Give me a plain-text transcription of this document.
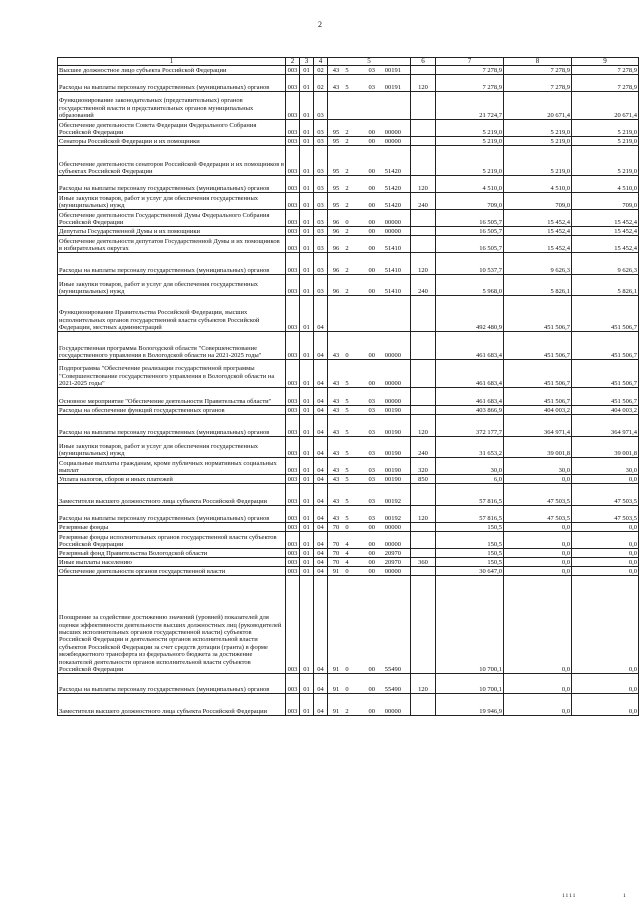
2
1	2	3	4	5	6	7	8	9
Высшее должностное лицо субъекта Российской Федерации	003	01	02	43 5 03 00191		7 278,9	7 278,9	7 278,9
Расходы на выплаты персоналу государственных (муниципальных) органов	003	01	02	43 5 03 00191	120	7 278,9	7 278,9	7 278,9
Функционирование законодательных (представительных) органов государственной власти и представительных органов муниципальных образований	003	01	03			21 724,7	20 671,4	20 671,4
Обеспечение деятельности Совета Федерации Федерального Собрания Российской Федерации	003	01	03	95 2 00 00000		5 219,0	5 219,0	5 219,0
Сенаторы Российской Федерации и их помощники	003	01	03	95 2 00 00000		5 219,0	5 219,0	5 219,0
Обеспечение деятельности сенаторов Российской Федерации и их помощников в субъектах Российской Федерации	003	01	03	95 2 00 51420		5 219,0	5 219,0	5 219,0
Расходы на выплаты персоналу государственных (муниципальных) органов	003	01	03	95 2 00 51420	120	4 510,0	4 510,0	4 510,0
Иные закупки товаров, работ и услуг для обеспечения государственных (муниципальных) нужд	003	01	03	95 2 00 51420	240	709,0	709,0	709,0
Обеспечение деятельности Государственной Думы Федерального Собрания Российской Федерации	003	01	03	96 0 00 00000		16 505,7	15 452,4	15 452,4
Депутаты Государственной Думы и их помощники	003	01	03	96 2 00 00000		16 505,7	15 452,4	15 452,4
Обеспечение деятельности депутатов Государственной Думы и их помощников в избирательных округах	003	01	03	96 2 00 51410		16 505,7	15 452,4	15 452,4
Расходы на выплаты персоналу государственных (муниципальных) органов	003	01	03	96 2 00 51410	120	10 537,7	9 626,3	9 626,3
Иные закупки товаров, работ и услуг для обеспечения государственных (муниципальных) нужд	003	01	03	96 2 00 51410	240	5 968,0	5 826,1	5 826,1
Функционирование Правительства Российской Федерации, высших исполнительных органов государственной власти субъектов Российской Федерации, местных администраций	003	01	04			492 480,9	451 506,7	451 506,7
Государственная программа Вологодской области "Совершенствование государственного управления в Вологодской области на 2021-2025 годы"	003	01	04	43 0 00 00000		461 683,4	451 506,7	451 506,7
Подпрограмма "Обеспечение реализации государственной программы "Совершенствование государственного управления в Вологодской области на 2021-2025 годы"	003	01	04	43 5 00 00000		461 683,4	451 506,7	451 506,7
Основное мероприятие "Обеспечение деятельности Правительства области"	003	01	04	43 5 03 00000		461 683,4	451 506,7	451 506,7
Расходы на обеспечение функций государственных органов	003	01	04	43 5 03 00190		403 866,9	404 003,2	404 003,2
Расходы на выплаты персоналу государственных (муниципальных) органов	003	01	04	43 5 03 00190	120	372 177,7	364 971,4	364 971,4
Иные закупки товаров, работ и услуг для обеспечения государственных (муниципальных) нужд	003	01	04	43 5 03 00190	240	31 653,2	39 001,8	39 001,8
Социальные выплаты гражданам, кроме публичных нормативных социальных выплат	003	01	04	43 5 03 00190	320	30,0	30,0	30,0
Уплата налогов, сборов и иных платежей	003	01	04	43 5 03 00190	850	6,0	0,0	0,0
Заместители высшего должностного лица субъекта Российской Федерации	003	01	04	43 5 03 00192		57 816,5	47 503,5	47 503,5
Расходы на выплаты персоналу государственных (муниципальных) органов	003	01	04	43 5 03 00192	120	57 816,5	47 503,5	47 503,5
Резервные фонды	003	01	04	70 0 00 00000		150,5	0,0	0,0
Резервные фонды исполнительных органов государственной власти субъектов Российской Федерации	003	01	04	70 4 00 00000		150,5	0,0	0,0
Резервный фонд Правительства Вологодской области	003	01	04	70 4 00 20970		150,5	0,0	0,0
Иные выплаты населению	003	01	04	70 4 00 20970	360	150,5	0,0	0,0
Обеспечение деятельности органов государственной власти	003	01	04	91 0 00 00000		30 647,0	0,0	0,0
Поощрение за содействие достижению значений (уровней) показателей для оценки эффективности деятельности высших должностных лиц (руководителей высших исполнительных органов государственной власти) субъектов Российской Федерации и деятельности органов исполнительной власти субъектов Российской Федерации за счет средств дотации (гранта) в форме межбюджетного трансферта из федерального бюджета за достижение показателей деятельности органов исполнительной власти субъектов Российской Федерации	003	01	04	91 0 00 55490		10 700,1	0,0	0,0
Расходы на выплаты персоналу государственных (муниципальных) органов	003	01	04	91 0 00 55490	120	10 700,1	0,0	0,0
Заместители высшего должностного лица субъекта Российской Федерации	003	01	04	91 2 00 00000		19 946,9	0,0	0,0
1111	1
